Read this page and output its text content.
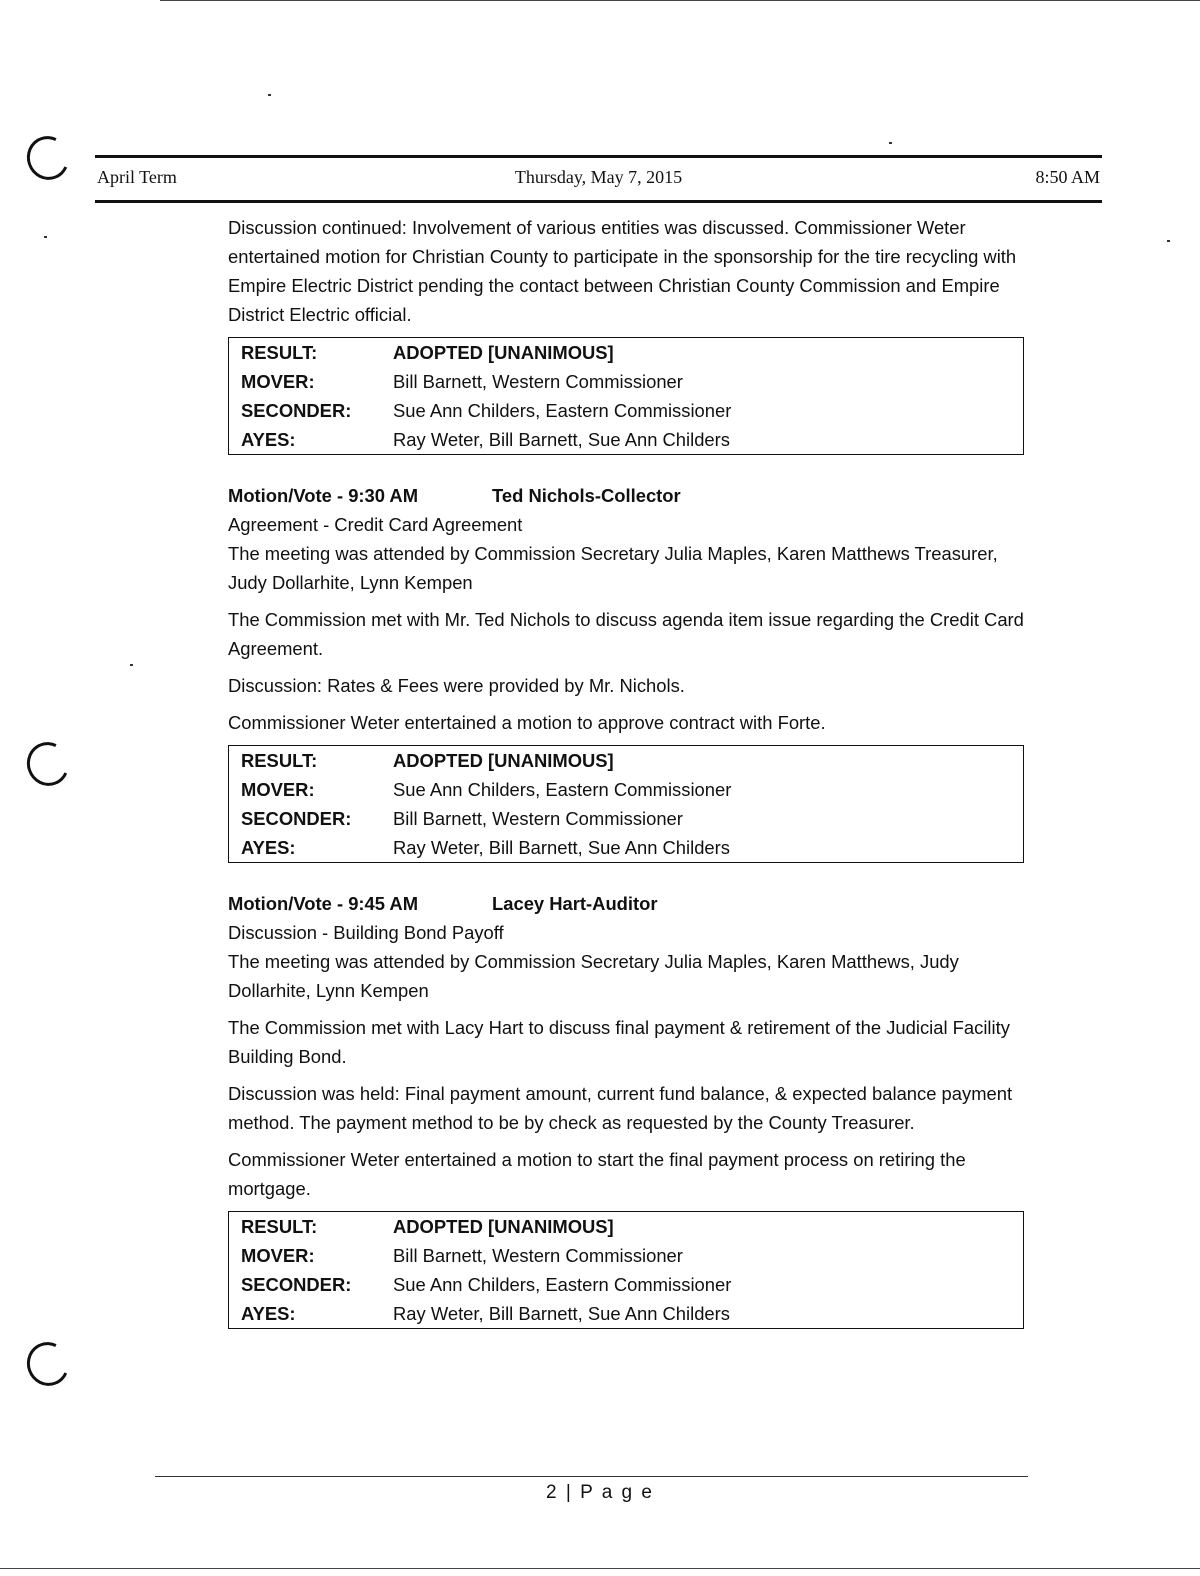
April Term	Thursday, May 7, 2015	8:50 AM

Discussion continued: Involvement of various entities was discussed. Commissioner Weter entertained motion for Christian County to participate in the sponsorship for the tire recycling with Empire Electric District pending the contact between Christian County Commission and Empire District Electric official.

RESULT:	ADOPTED [UNANIMOUS]
MOVER:	Bill Barnett, Western Commissioner
SECONDER:	Sue Ann Childers, Eastern Commissioner
AYES:	Ray Weter, Bill Barnett, Sue Ann Childers

Motion/Vote - 9:30 AM	Ted Nichols-Collector

Agreement - Credit Card Agreement

The meeting was attended by Commission Secretary Julia Maples, Karen Matthews Treasurer, Judy Dollarhite, Lynn Kempen

The Commission met with Mr. Ted Nichols to discuss agenda item issue regarding the Credit Card Agreement.

Discussion: Rates & Fees were provided by Mr. Nichols.

Commissioner Weter entertained a motion to approve contract with Forte.

RESULT:	ADOPTED [UNANIMOUS]
MOVER:	Sue Ann Childers, Eastern Commissioner
SECONDER:	Bill Barnett, Western Commissioner
AYES:	Ray Weter, Bill Barnett, Sue Ann Childers

Motion/Vote - 9:45 AM	Lacey Hart-Auditor

Discussion - Building Bond Payoff

The meeting was attended by Commission Secretary Julia Maples, Karen Matthews, Judy Dollarhite, Lynn Kempen

The Commission met with Lacy Hart to discuss final payment & retirement of the Judicial Facility Building Bond.

Discussion was held: Final payment amount, current fund balance, & expected balance payment method. The payment method to be by check as requested by the County Treasurer.

Commissioner Weter entertained a motion to start the final payment process on retiring the mortgage.

RESULT:	ADOPTED [UNANIMOUS]
MOVER:	Bill Barnett, Western Commissioner
SECONDER:	Sue Ann Childers, Eastern Commissioner
AYES:	Ray Weter, Bill Barnett, Sue Ann Childers
2 | P a g e
